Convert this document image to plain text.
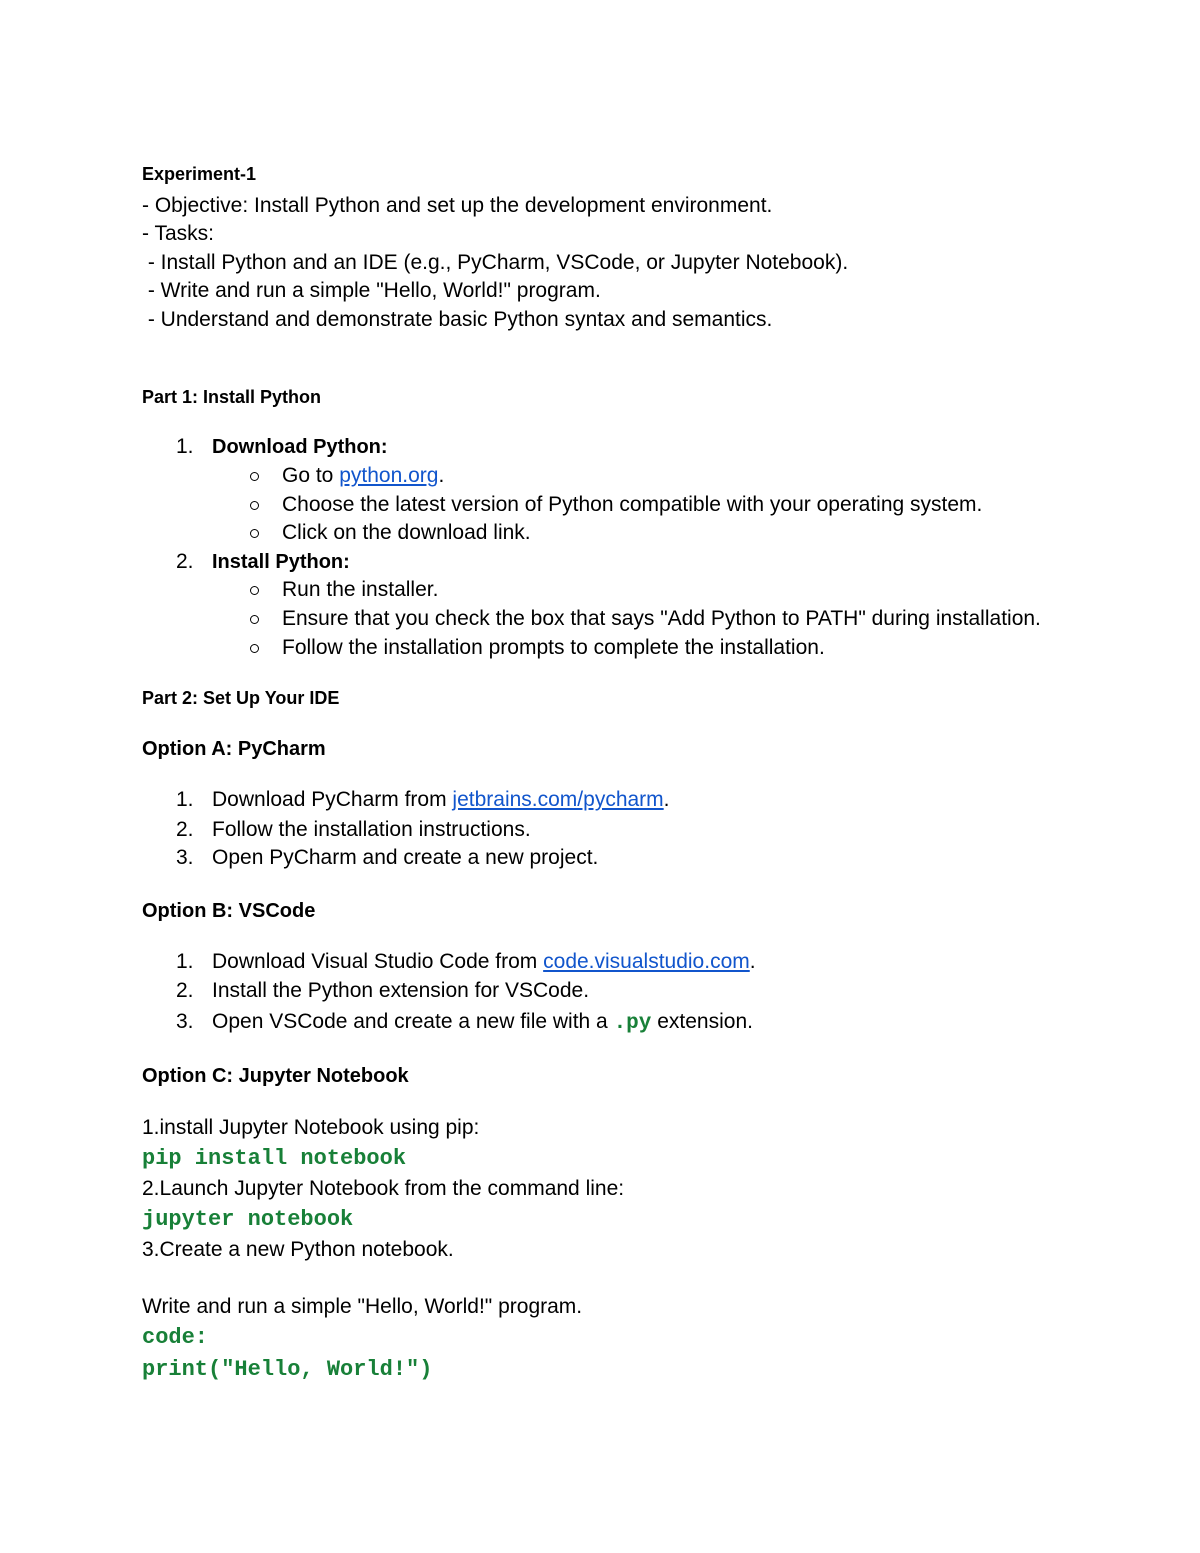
Experiment-1
- Objective: Install Python and set up the development environment.
- Tasks:
- Install Python and an IDE (e.g., PyCharm, VSCode, or Jupyter Notebook).
- Write and run a simple "Hello, World!" program.
- Understand and demonstrate basic Python syntax and semantics.
Part 1: Install Python
1. Download Python:
Go to python.org.
Choose the latest version of Python compatible with your operating system.
Click on the download link.
2. Install Python:
Run the installer.
Ensure that you check the box that says "Add Python to PATH" during installation.
Follow the installation prompts to complete the installation.
Part 2: Set Up Your IDE
Option A: PyCharm
1. Download PyCharm from jetbrains.com/pycharm.
2. Follow the installation instructions.
3. Open PyCharm and create a new project.
Option B: VSCode
1. Download Visual Studio Code from code.visualstudio.com.
2. Install the Python extension for VSCode.
3. Open VSCode and create a new file with a .py extension.
Option C: Jupyter Notebook
1.install Jupyter Notebook using pip:
pip install notebook
2.Launch Jupyter Notebook from the command line:
jupyter notebook
3.Create a new Python notebook.
Write and run a simple "Hello, World!" program.
code:
print("Hello, World!")
